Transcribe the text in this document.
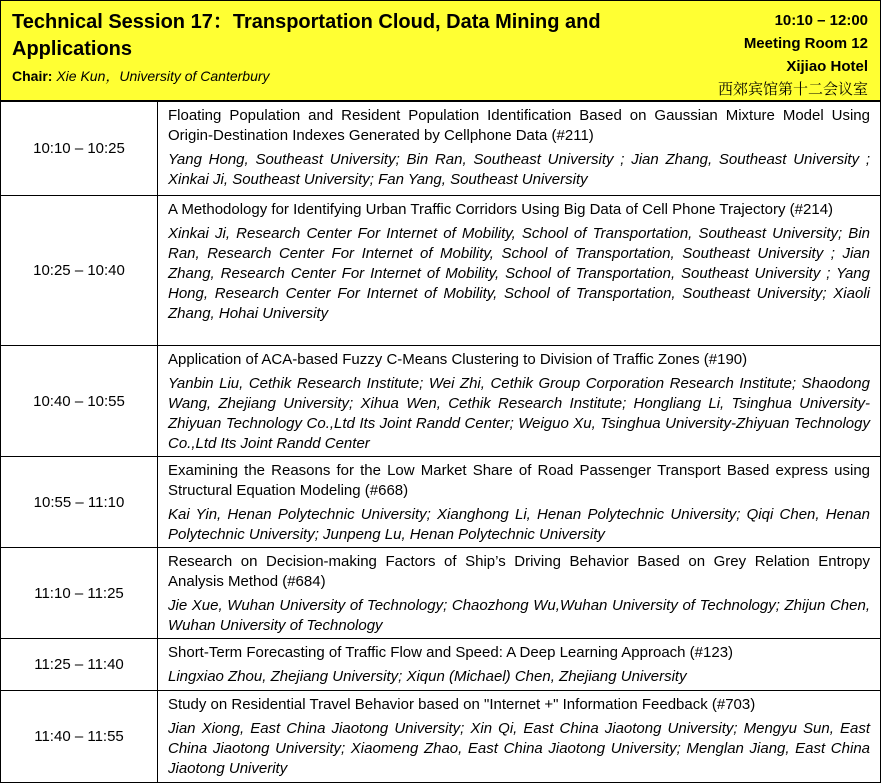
Technical Session 17：Transportation Cloud, Data Mining and Applications
Chair: Xie Kun，University of Canterbury
10:10 – 12:00
Meeting Room 12
Xijiao Hotel
西郊宾馆第十二会议室
10:10 – 10:25	Floating Population and Resident Population Identification Based on Gaussian Mixture Model Using Origin-Destination Indexes Generated by Cellphone Data (#211)
Yang Hong, Southeast University; Bin Ran, Southeast University ; Jian Zhang, Southeast University ; Xinkai Ji, Southeast University; Fan Yang, Southeast University

10:25 – 10:40	A Methodology for Identifying Urban Traffic Corridors Using Big Data of Cell Phone Trajectory (#214)
Xinkai Ji, Research Center For Internet of Mobility, School of Transportation, Southeast University; Bin Ran, Research Center For Internet of Mobility, School of Transportation, Southeast University ; Jian Zhang, Research Center For Internet of Mobility, School of Transportation, Southeast University ; Yang Hong, Research Center For Internet of Mobility, School of Transportation, Southeast University; Xiaoli Zhang, Hohai University

10:40 – 10:55	Application of ACA-based Fuzzy C-Means Clustering to Division of Traffic Zones (#190)
Yanbin Liu, Cethik Research Institute; Wei Zhi, Cethik Group Corporation Research Institute; Shaodong Wang, Zhejiang University; Xihua Wen, Cethik Research Institute; Hongliang Li, Tsinghua University-Zhiyuan Technology Co.,Ltd Its Joint Randd Center; Weiguo Xu, Tsinghua University-Zhiyuan Technology Co.,Ltd Its Joint Randd Center

10:55 – 11:10	Examining the Reasons for the Low Market Share of Road Passenger Transport Based express using Structural Equation Modeling (#668)
Kai Yin, Henan Polytechnic University; Xianghong Li, Henan Polytechnic University; Qiqi Chen, Henan Polytechnic University; Junpeng Lu, Henan Polytechnic University

11:10 – 11:25	Research on Decision-making Factors of Ship’s Driving Behavior Based on Grey Relation Entropy Analysis Method (#684)
Jie Xue, Wuhan University of Technology; Chaozhong Wu,Wuhan University of Technology; Zhijun Chen, Wuhan University of Technology

11:25 – 11:40	Short-Term Forecasting of Traffic Flow and Speed: A Deep Learning Approach (#123)
Lingxiao Zhou, Zhejiang University; Xiqun (Michael) Chen, Zhejiang University

11:40 – 11:55	Study on Residential Travel Behavior based on "Internet +" Information Feedback (#703)
Jian Xiong, East China Jiaotong University; Xin Qi, East China Jiaotong University; Mengyu Sun, East China Jiaotong University; Xiaomeng Zhao, East China Jiaotong University; Menglan Jiang, East China Jiaotong Univerity
